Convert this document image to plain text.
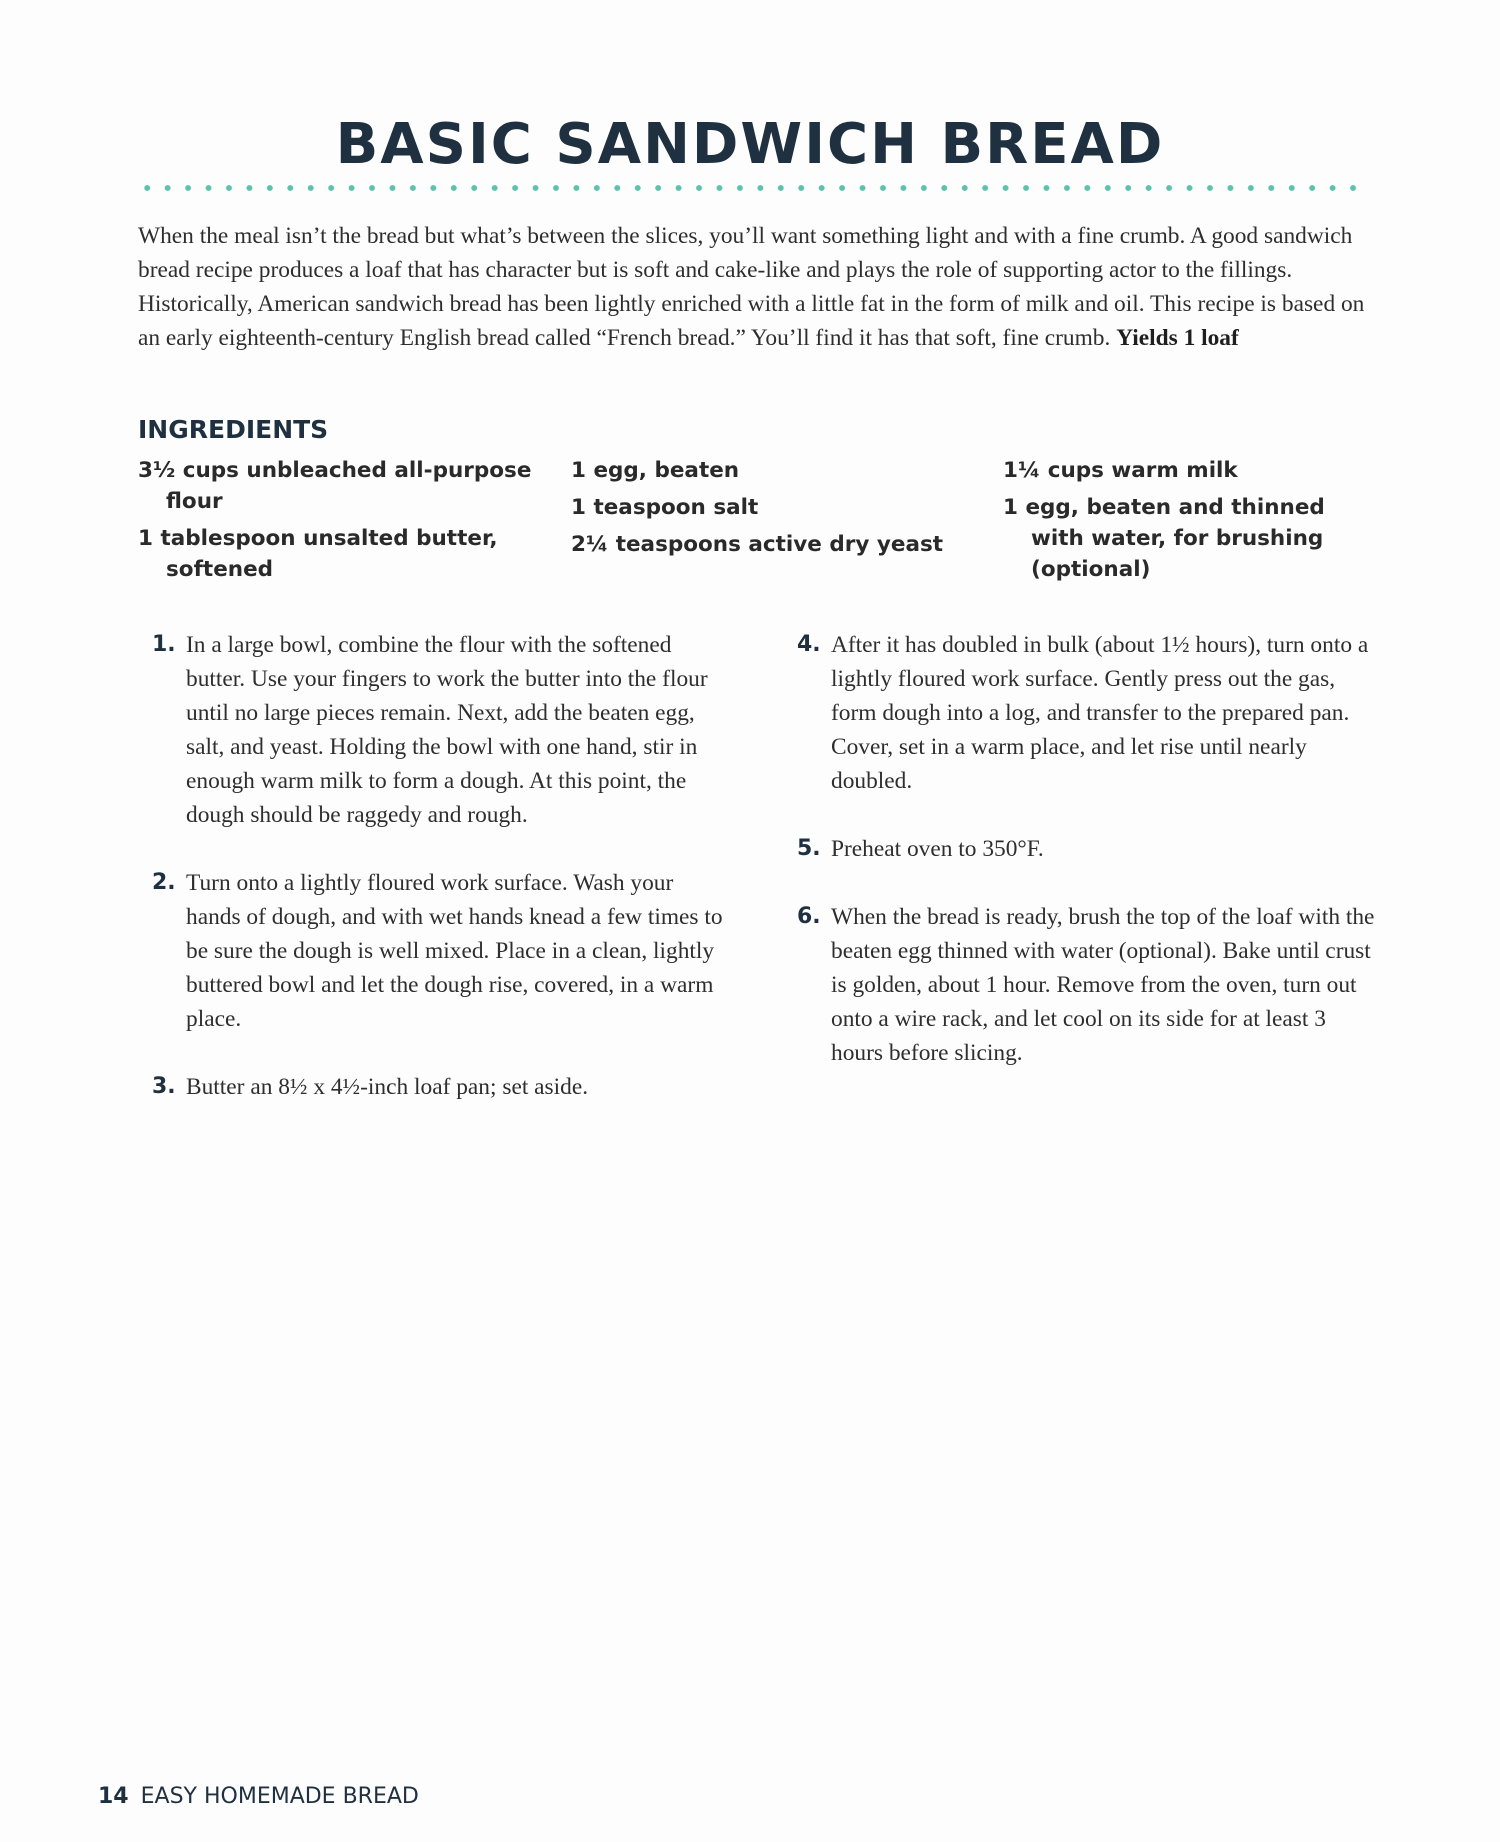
BASIC SANDWICH BREAD

When the meal isn’t the bread but what’s between the slices, you’ll want something light and with a fine crumb. A good sandwich bread recipe produces a loaf that has character but is soft and cake-like and plays the role of supporting actor to the fillings. Historically, American sandwich bread has been lightly enriched with a little fat in the form of milk and oil. This recipe is based on an early eighteenth-century English bread called “French bread.” You’ll find it has that soft, fine crumb. Yields 1 loaf

INGREDIENTS
3½ cups unbleached all-purpose flour
1 tablespoon unsalted butter, softened
1 egg, beaten
1 teaspoon salt
2¼ teaspoons active dry yeast
1¼ cups warm milk
1 egg, beaten and thinned with water, for brushing (optional)
1. In a large bowl, combine the flour with the softened butter. Use your fingers to work the butter into the flour until no large pieces remain. Next, add the beaten egg, salt, and yeast. Holding the bowl with one hand, stir in enough warm milk to form a dough. At this point, the dough should be raggedy and rough.
2. Turn onto a lightly floured work surface. Wash your hands of dough, and with wet hands knead a few times to be sure the dough is well mixed. Place in a clean, lightly buttered bowl and let the dough rise, covered, in a warm place.
3. Butter an 8½ x 4½-inch loaf pan; set aside.
4. After it has doubled in bulk (about 1½ hours), turn onto a lightly floured work surface. Gently press out the gas, form dough into a log, and transfer to the prepared pan. Cover, set in a warm place, and let rise until nearly doubled.
5. Preheat oven to 350°F.
6. When the bread is ready, brush the top of the loaf with the beaten egg thinned with water (optional). Bake until crust is golden, about 1 hour. Remove from the oven, turn out onto a wire rack, and let cool on its side for at least 3 hours before slicing.
14 EASY HOMEMADE BREAD
